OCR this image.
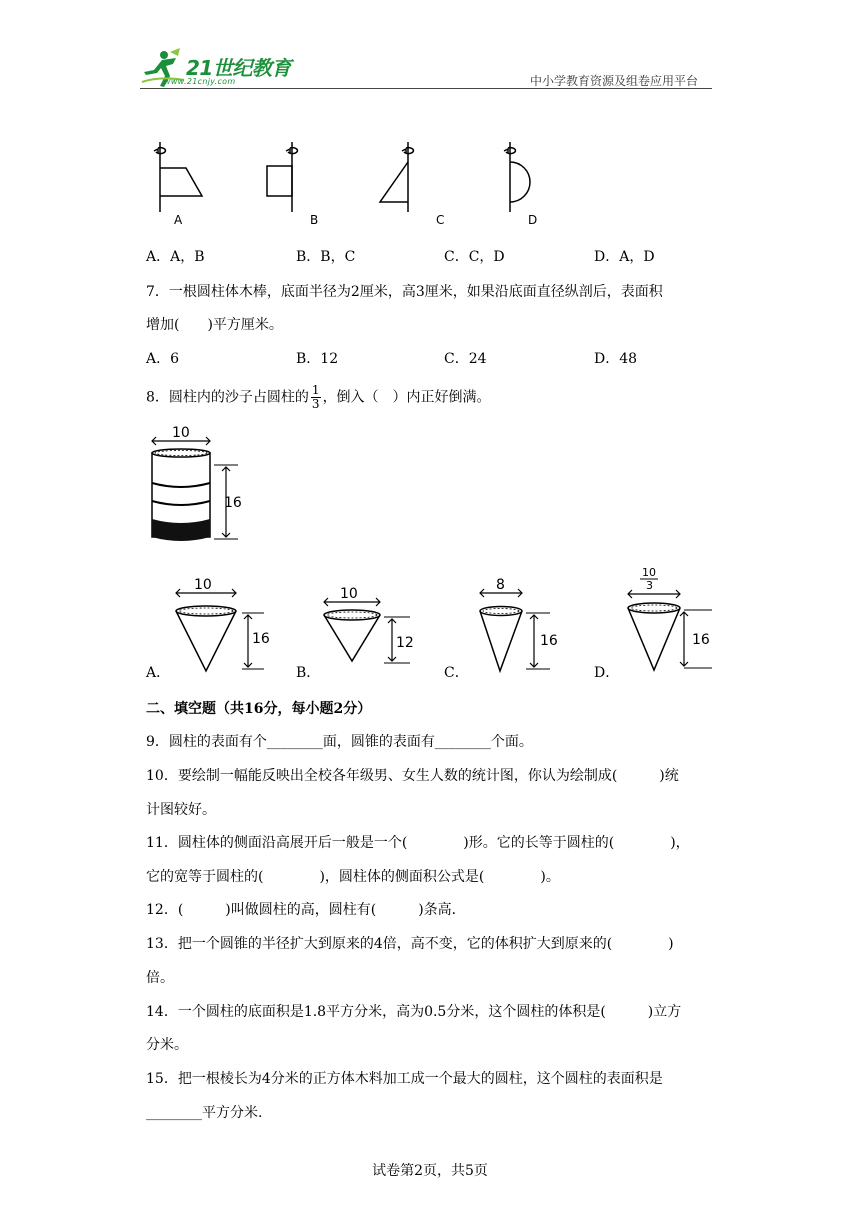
21世纪教育
www.21cnjy.com	中小学教育资源及组卷应用平台
A	B	C	D
A．A，B	B．B，C	C．C，D	D．A，D
7．一根圆柱体木棒，底面半径为2厘米，高3厘米，如果沿底面直径纵剖后，表面积
增加(　　)平方厘米。
A．6	B．12	C．24	D．48
8．圆柱内的沙子占圆柱的 $\frac{1}{3}$ ，倒入（　）内正好倒满。
10
16
10
16
A．
10
12
B．
8
16
C．
10
3
16
D．
二、填空题（共16分，每小题2分）
9．圆柱的表面有个________面，圆锥的表面有________个面。
10．要绘制一幅能反映出全校各年级男、女生人数的统计图，你认为绘制成(　　　)统
计图较好。
11．圆柱体的侧面沿高展开后一般是一个(　　　　)形。它的长等于圆柱的(　　　　)，
它的宽等于圆柱的(　　　　)，圆柱体的侧面积公式是(　　　　)。
12．(　　　)叫做圆柱的高，圆柱有(　　　)条高．
13．把一个圆锥的半径扩大到原来的4倍，高不变，它的体积扩大到原来的(　　　　)
倍。
14．一个圆柱的底面积是1.8平方分米，高为0.5分米，这个圆柱的体积是(　　　)立方
分米。
15．把一根棱长为4分米的正方体木料加工成一个最大的圆柱，这个圆柱的表面积是
________平方分米.
试卷第2页，共5页
